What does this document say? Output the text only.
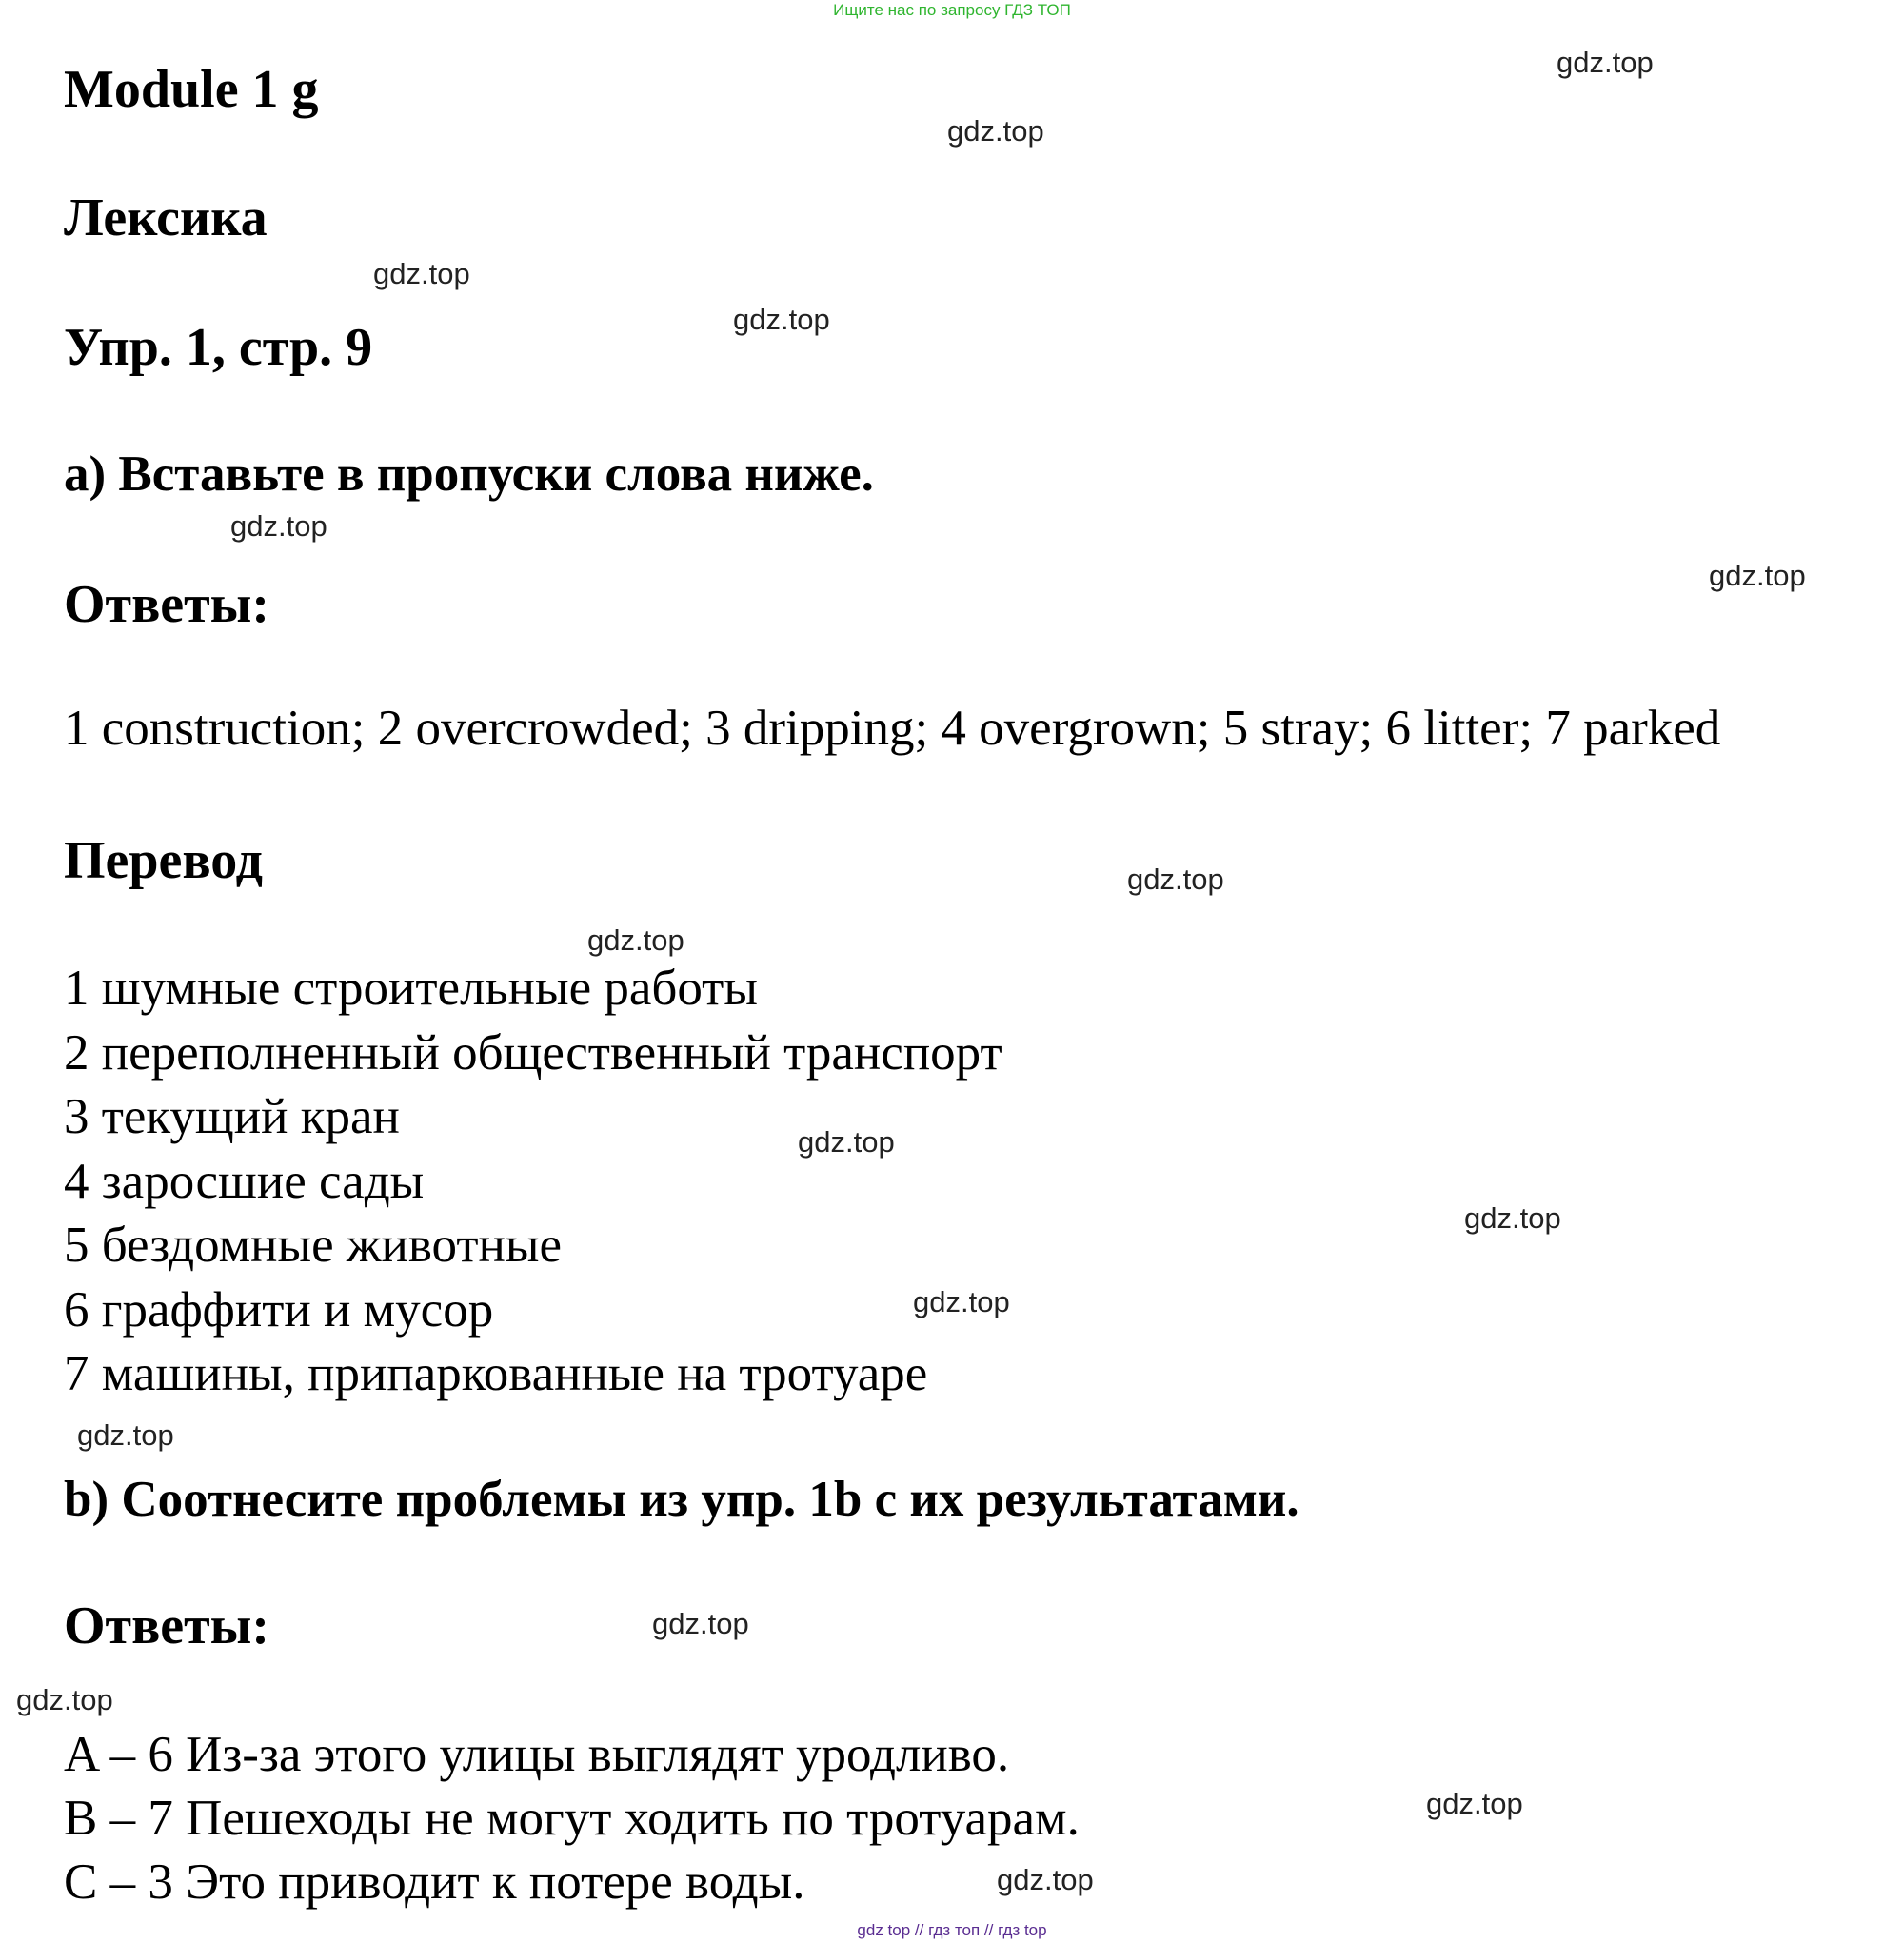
Ищите нас по запросу ГДЗ ТОП
Module 1 g
Лексика
Упр. 1, стр. 9
a) Вставьте в пропуски слова ниже.
Ответы:
1 construction; 2 overcrowded; 3 dripping; 4 overgrown; 5 stray; 6 litter; 7 parked
Перевод
1 шумные строительные работы
2 переполненный общественный транспорт
3 текущий кран
4 заросшие сады
5 бездомные животные
6 граффити и мусор
7 машины, припаркованные на тротуаре
b) Соотнесите проблемы из упр. 1b с их результатами.
Ответы:
A – 6 Из-за этого улицы выглядят уродливо.
B – 7 Пешеходы не могут ходить по тротуарам.
C – 3 Это приводит к потере воды.
gdz.top
gdz.top
gdz.top
gdz.top
gdz.top
gdz.top
gdz.top
gdz.top
gdz.top
gdz.top
gdz.top
gdz.top
gdz.top
gdz.top
gdz.top
gdz.top
gdz top // гдз топ // гдз top
